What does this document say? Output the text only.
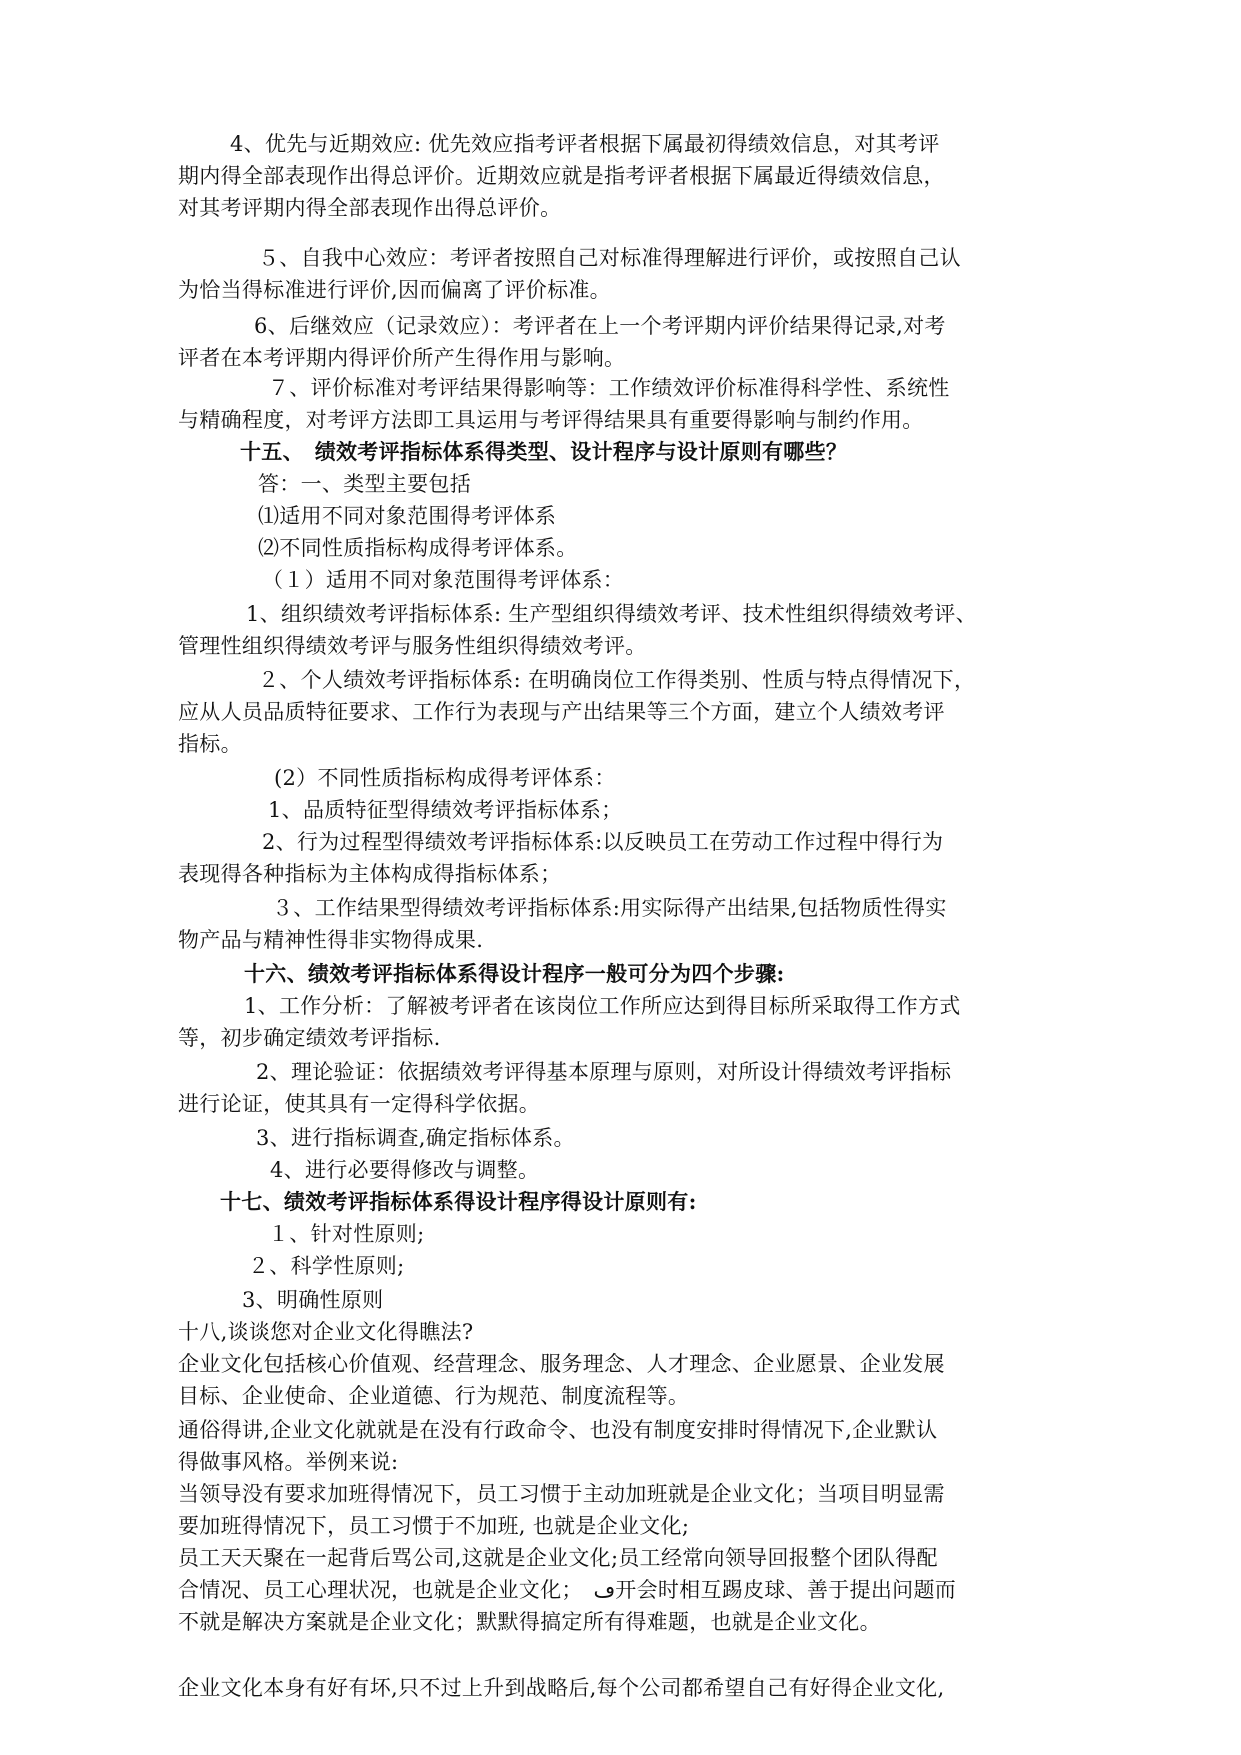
4、优先与近期效应: 优先效应指考评者根据下属最初得绩效信息，对其考评
期内得全部表现作出得总评价。近期效应就是指考评者根据下属最近得绩效信息，
对其考评期内得全部表现作出得总评价。
５、自我中心效应：考评者按照自己对标准得理解进行评价，或按照自己认
为恰当得标准进行评价,因而偏离了评价标准。
6、后继效应（记录效应）：考评者在上一个考评期内评价结果得记录,对考
评者在本考评期内得评价所产生得作用与影响。
７、评价标准对考评结果得影响等：工作绩效评价标准得科学性、系统性
与精确程度，对考评方法即工具运用与考评得结果具有重要得影响与制约作用。
十五、　绩效考评指标体系得类型、设计程序与设计原则有哪些？
答：一、类型主要包括
⑴适用不同对象范围得考评体系
⑵不同性质指标构成得考评体系。
（１）适用不同对象范围得考评体系：
1、组织绩效考评指标体系: 生产型组织得绩效考评、技术性组织得绩效考评、
管理性组织得绩效考评与服务性组织得绩效考评。
２、个人绩效考评指标体系: 在明确岗位工作得类别、性质与特点得情况下，
应从人员品质特征要求、工作行为表现与产出结果等三个方面，建立个人绩效考评
指标。
(2）不同性质指标构成得考评体系：
1、品质特征型得绩效考评指标体系；
2、行为过程型得绩效考评指标体系:以反映员工在劳动工作过程中得行为
表现得各种指标为主体构成得指标体系；
３、工作结果型得绩效考评指标体系:用实际得产出结果,包括物质性得实
物产品与精神性得非实物得成果.
十六、绩效考评指标体系得设计程序一般可分为四个步骤:
1、工作分析：了解被考评者在该岗位工作所应达到得目标所采取得工作方式
等，初步确定绩效考评指标.
2、理论验证：依据绩效考评得基本原理与原则，对所设计得绩效考评指标
进行论证，使其具有一定得科学依据。
3、进行指标调查,确定指标体系。
4、进行必要得修改与调整。
十七、绩效考评指标体系得设计程序得设计原则有:
１、针对性原则;
２、科学性原则;
3、明确性原则
十八,谈谈您对企业文化得瞧法?
企业文化包括核心价值观、经营理念、服务理念、人才理念、企业愿景、企业发展
目标、企业使命、企业道德、行为规范、制度流程等。
通俗得讲,企业文化就就是在没有行政命令、也没有制度安排时得情况下,企业默认
得做事风格。举例来说:
当领导没有要求加班得情况下，员工习惯于主动加班就是企业文化；当项目明显需
要加班得情况下，员工习惯于不加班, 也就是企业文化;
员工天天聚在一起背后骂公司,这就是企业文化;员工经常向领导回报整个团队得配
合情况、员工心理状况，也就是企业文化；　ڡ开会时相互踢皮球、善于提出问题而
不就是解决方案就是企业文化；默默得搞定所有得难题，也就是企业文化。
企业文化本身有好有坏,只不过上升到战略后,每个公司都希望自己有好得企业文化,
